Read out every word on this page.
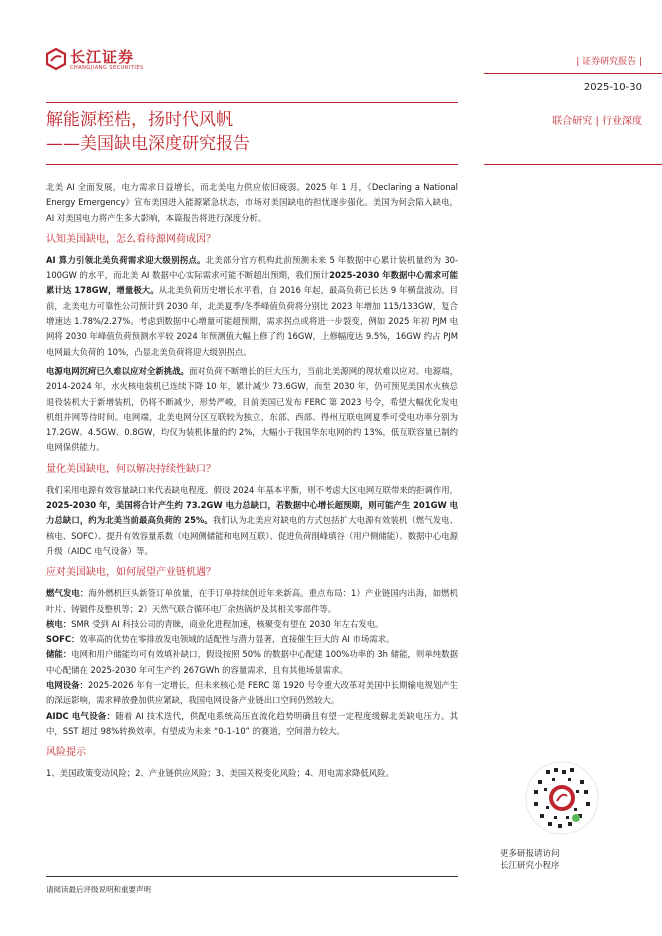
长江证券
CHANGJIANG SECURITIES
| 证券研究报告 |
2025-10-30
联合研究 | 行业深度
解能源桎梏，扬时代风帆
——美国缺电深度研究报告

北美 AI 全面发展，电力需求日益增长，而北美电力供应依旧疲弱。2025 年 1 月，《Declaring a National Energy Emergency》宣布美国进入能源紧急状态，市场对美国缺电的担忧逐步强化。美国为何会陷入缺电，AI 对美国电力将产生多大影响，本篇报告将进行深度分析。

认知美国缺电，怎么看待源网荷成因？

AI 算力引领北美负荷需求迎大级别拐点。北美部分官方机构此前预测未来 5 年数据中心累计装机量约为 30-100GW 的水平，而北美 AI 数据中心实际需求可能不断超出预期，我们预计2025-2030 年数据中心需求可能累计达 178GW，增量极大。从北美负荷历史增长水平看，自 2016 年起，最高负荷已长达 9 年横盘波动。目前，北美电力可靠性公司预计到 2030 年，北美夏季/冬季峰值负荷将分别比 2023 年增加 115/133GW，复合增速达 1.78%/2.27%。考虑到数据中心增量可能超预期，需求拐点或将进一步裂变，例如 2025 年初 PJM 电网将 2030 年峰值负荷预测水平较 2024 年预测值大幅上修了约 16GW，上修幅度达 9.5%，16GW 约占 PJM 电网最大负荷的 10%，凸显北美负荷将迎大级别拐点。

电源电网沉疴已久难以应对全新挑战。面对负荷不断增长的巨大压力，当前北美源网的现状难以应对。电源端，2014-2024 年，水火核电装机已连续下降 10 年，累计减少 73.6GW，而至 2030 年，仍可预见美国水火核总退役装机大于新增装机，仍将不断减少，形势严峻，目前美国已发布 FERC 第 2023 号令，希望大幅优化发电机组并网等待时间。电网端，北美电网分区互联较为独立，东部、西部、得州互联电网夏季可受电功率分别为 17.2GW、4.5GW、0.8GW，均仅为装机体量的约 2%，大幅小于我国华东电网的约 13%，低互联容量已制约电网保供能力。

量化美国缺电，何以解决持续性缺口？

我们采用电源有效容量缺口来代表缺电程度。假设 2024 年基本平衡，则不考虑大区电网互联带来的拒调作用，2025-2030 年，美国将合计产生约 73.2GW 电力总缺口，若数据中心增长超预期，则可能产生 201GW 电力总缺口，约为北美当前最高负荷的 25%。我们认为北美应对缺电的方式包括扩大电源有效装机（燃气发电、核电、SOFC）、提升有效容量系数（电网侧储能和电网互联）、促进负荷削峰填谷（用户侧储能）、数据中心电源升级（AIDC 电气设备）等。

应对美国缺电，如何展望产业链机遇？

燃气发电：海外燃机巨头新签订单放量，在手订单持续创近年来新高。重点布局：1）产业链国内出海，如燃机叶片、铸锻件及整机等；2）天然气联合循环电厂余热锅炉及其相关零部件等。

核电：SMR 受到 AI 科技公司的青睐，商业化进程加速，核聚变有望在 2030 年左右发电。

SOFC：效率高的优势在零排放发电领域的适配性与潜力显著，直接催生巨大的 AI 市场需求。

储能：电网和用户储能均可有效填补缺口，假设按照 50% 的数据中心配建 100%功率的 3h 储能，则单纯数据中心配储在 2025-2030 年可生产约 267GWh 的容量需求，且有其他场景需求。

电网设备：2025-2026 年有一定增长，但未来核心是 FERC 第 1920 号令重大改革对美国中长期输电规划产生的深远影响，需求释放叠加供应紧缺，我国电网设备产业链出口空间仍然较大。

AIDC 电气设备：随着 AI 技术迭代，供配电系统高压直流化趋势明确且有望一定程度缓解北美缺电压力。其中，SST 超过 98%转换效率，有望成为未来 “0-1-10” 的赛道，空间潜力较大。

风险提示

1、美国政策变动风险；2、产业链供应风险；3、美国关税变化风险；4、用电需求降低风险。

请阅读最后评级说明和重要声明
更多研报请访问
长江研究小程序
